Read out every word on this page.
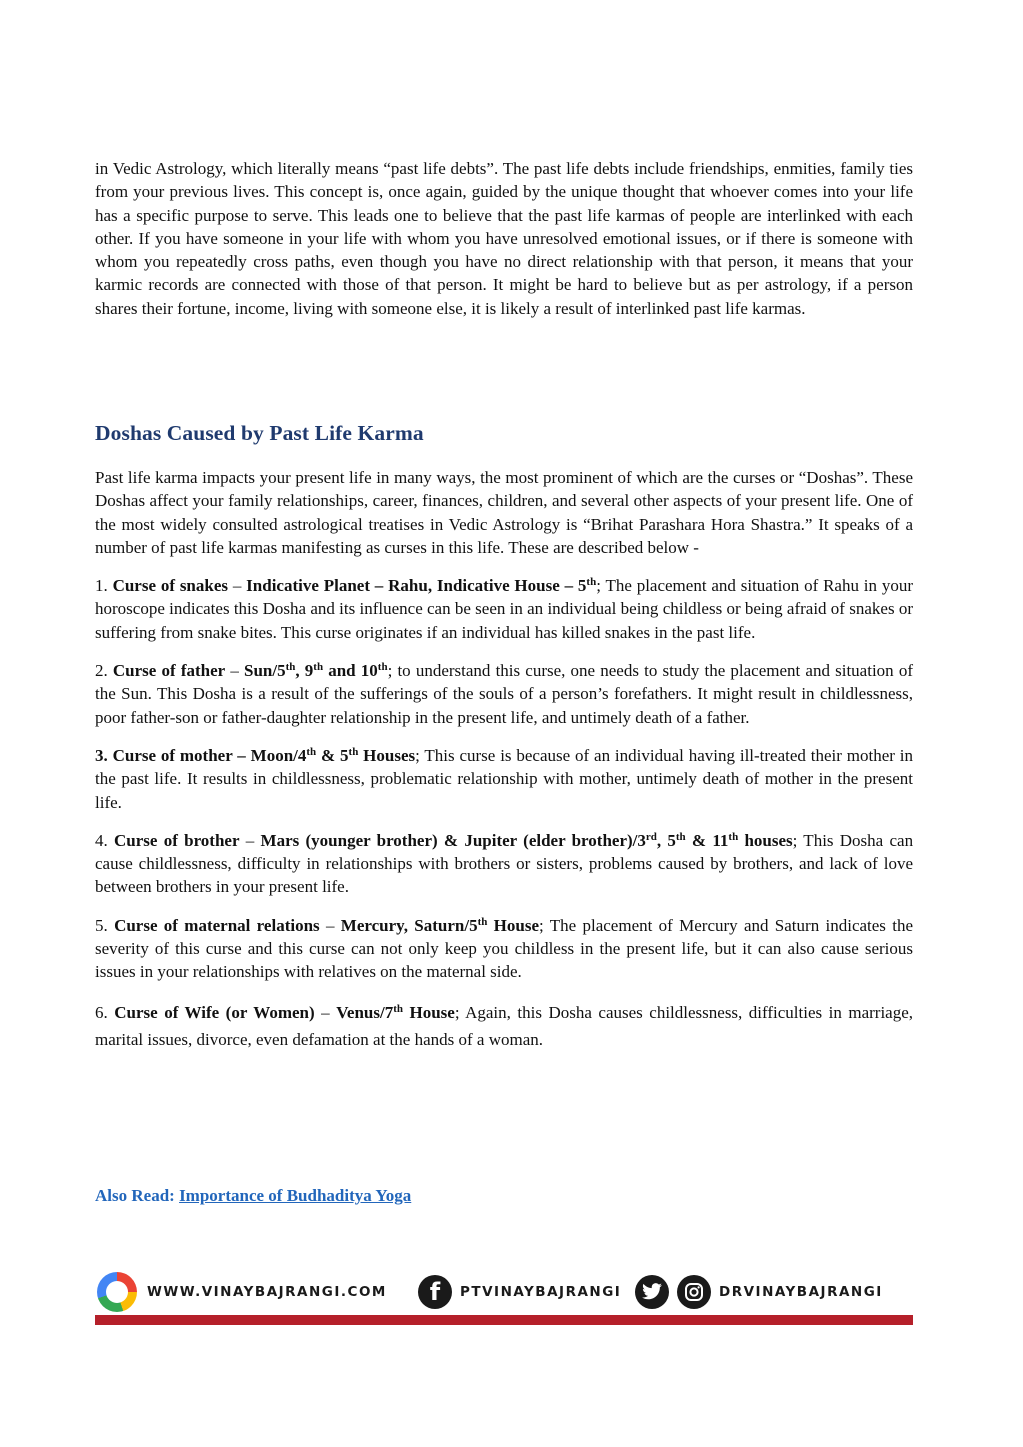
in Vedic Astrology, which literally means “past life debts”. The past life debts include friendships, enmities, family ties from your previous lives. This concept is, once again, guided by the unique thought that whoever comes into your life has a specific purpose to serve. This leads one to believe that the past life karmas of people are interlinked with each other. If you have someone in your life with whom you have unresolved emotional issues, or if there is someone with whom you repeatedly cross paths, even though you have no direct relationship with that person, it means that your karmic records are connected with those of that person. It might be hard to believe but as per astrology, if a person shares their fortune, income, living with someone else, it is likely a result of interlinked past life karmas.

Doshas Caused by Past Life Karma

Past life karma impacts your present life in many ways, the most prominent of which are the curses or “Doshas”. These Doshas affect your family relationships, career, finances, children, and several other aspects of your present life. One of the most widely consulted astrological treatises in Vedic Astrology is “Brihat Parashara Hora Shastra.” It speaks of a number of past life karmas manifesting as curses in this life. These are described below -

1. Curse of snakes – Indicative Planet – Rahu, Indicative House – 5th; The placement and situation of Rahu in your horoscope indicates this Dosha and its influence can be seen in an individual being childless or being afraid of snakes or suffering from snake bites. This curse originates if an individual has killed snakes in the past life.

2. Curse of father – Sun/5th, 9th and 10th; to understand this curse, one needs to study the placement and situation of the Sun. This Dosha is a result of the sufferings of the souls of a person’s forefathers. It might result in childlessness, poor father-son or father-daughter relationship in the present life, and untimely death of a father.

3. Curse of mother – Moon/4th & 5th Houses; This curse is because of an individual having ill-treated their mother in the past life. It results in childlessness, problematic relationship with mother, untimely death of mother in the present life.

4. Curse of brother – Mars (younger brother) & Jupiter (elder brother)/3rd, 5th & 11th houses; This Dosha can cause childlessness, difficulty in relationships with brothers or sisters, problems caused by brothers, and lack of love between brothers in your present life.

5. Curse of maternal relations – Mercury, Saturn/5th House; The placement of Mercury and Saturn indicates the severity of this curse and this curse can not only keep you childless in the present life, but it can also cause serious issues in your relationships with relatives on the maternal side.

6. Curse of Wife (or Women) – Venus/7th House; Again, this Dosha causes childlessness, difficulties in marriage, marital issues, divorce, even defamation at the hands of a woman.

Also Read: Importance of Budhaditya Yoga
WWW.VINAYBAJRANGI.COM	f	PTVINAYBAJRANGI	DRVINAYBAJRANGI
